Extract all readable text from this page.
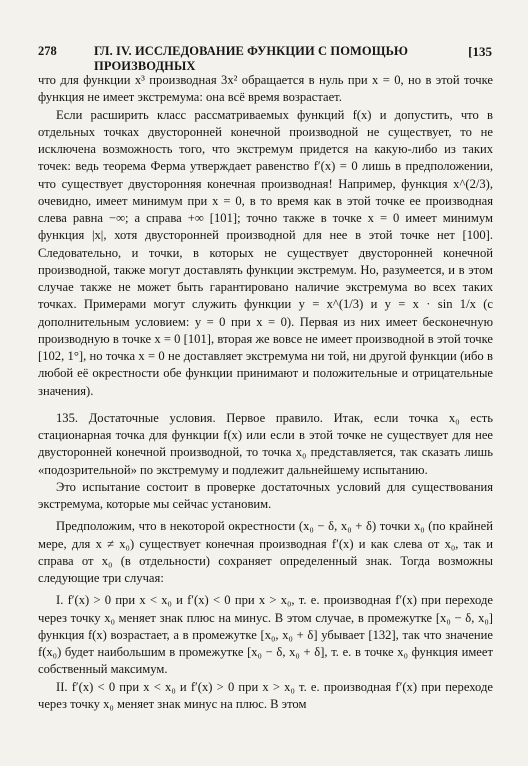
278	ГЛ. IV. ИССЛЕДОВАНИЕ ФУНКЦИИ С ПОМОЩЬЮ ПРОИЗВОДНЫХ
[135

что для функции x³ производная 3x² обращается в нуль при x = 0, но в этой точке функция не имеет экстремума: она всё время возрастает.

Если расширить класс рассматриваемых функций f(x) и допустить, что в отдельных точках двусторонней конечной производной не существует, то не исключена возможность того, что экстремум придется на какую-либо из таких точек: ведь теорема Ферма утверждает равенство f′(x) = 0 лишь в предположении, что существует двусторонняя конечная производная! Например, функция x^(2/3), очевидно, имеет минимум при x = 0, в то время как в этой точке ее производная слева равна −∞; а справа +∞ [101]; точно также в точке x = 0 имеет минимум функция |x|, хотя двусторонней производной для нее в этой точке нет [100]. Следовательно, и точки, в которых не существует двусторонней конечной производной, также могут доставлять функции экстремум. Но, разумеется, и в этом случае также не может быть гарантировано наличие экстремума во всех таких точках. Примерами могут служить функции y = x^(1/3) и y = x · sin 1/x (с дополнительным условием: y = 0 при x = 0). Первая из них имеет бесконечную производную в точке x = 0 [101], вторая же вовсе не имеет производной в этой точке [102, 1°], но точка x = 0 не доставляет экстремума ни той, ни другой функции (ибо в любой её окрестности обе функции принимают и положительные и отрицательные значения).

135. Достаточные условия. Первое правило. Итак, если точка x₀ есть стационарная точка для функции f(x) или если в этой точке не существует для нее двусторонней конечной производной, то точка x₀ представляется, так сказать лишь «подозрительной» по экстремуму и подлежит дальнейшему испытанию.

Это испытание состоит в проверке достаточных условий для существования экстремума, которые мы сейчас установим.

Предположим, что в некоторой окрестности (x₀ − δ, x₀ + δ) точки x₀ (по крайней мере, для x ≠ x₀) существует конечная производная f′(x) и как слева от x₀, так и справа от x₀ (в отдельности) сохраняет определенный знак. Тогда возможны следующие три случая:

I. f′(x) > 0 при x < x₀ и f′(x) < 0 при x > x₀, т. е. производная f′(x) при переходе через точку x₀ меняет знак плюс на минус. В этом случае, в промежутке [x₀ − δ, x₀] функция f(x) возрастает, а в промежутке [x₀, x₀ + δ] убывает [132], так что значение f(x₀) будет наибольшим в промежутке [x₀ − δ, x₀ + δ], т. е. в точке x₀ функция имеет собственный максимум.

II. f′(x) < 0 при x < x₀ и f′(x) > 0 при x > x₀ т. е. производная f′(x) при переходе через точку x₀ меняет знак минус на плюс. В этом
